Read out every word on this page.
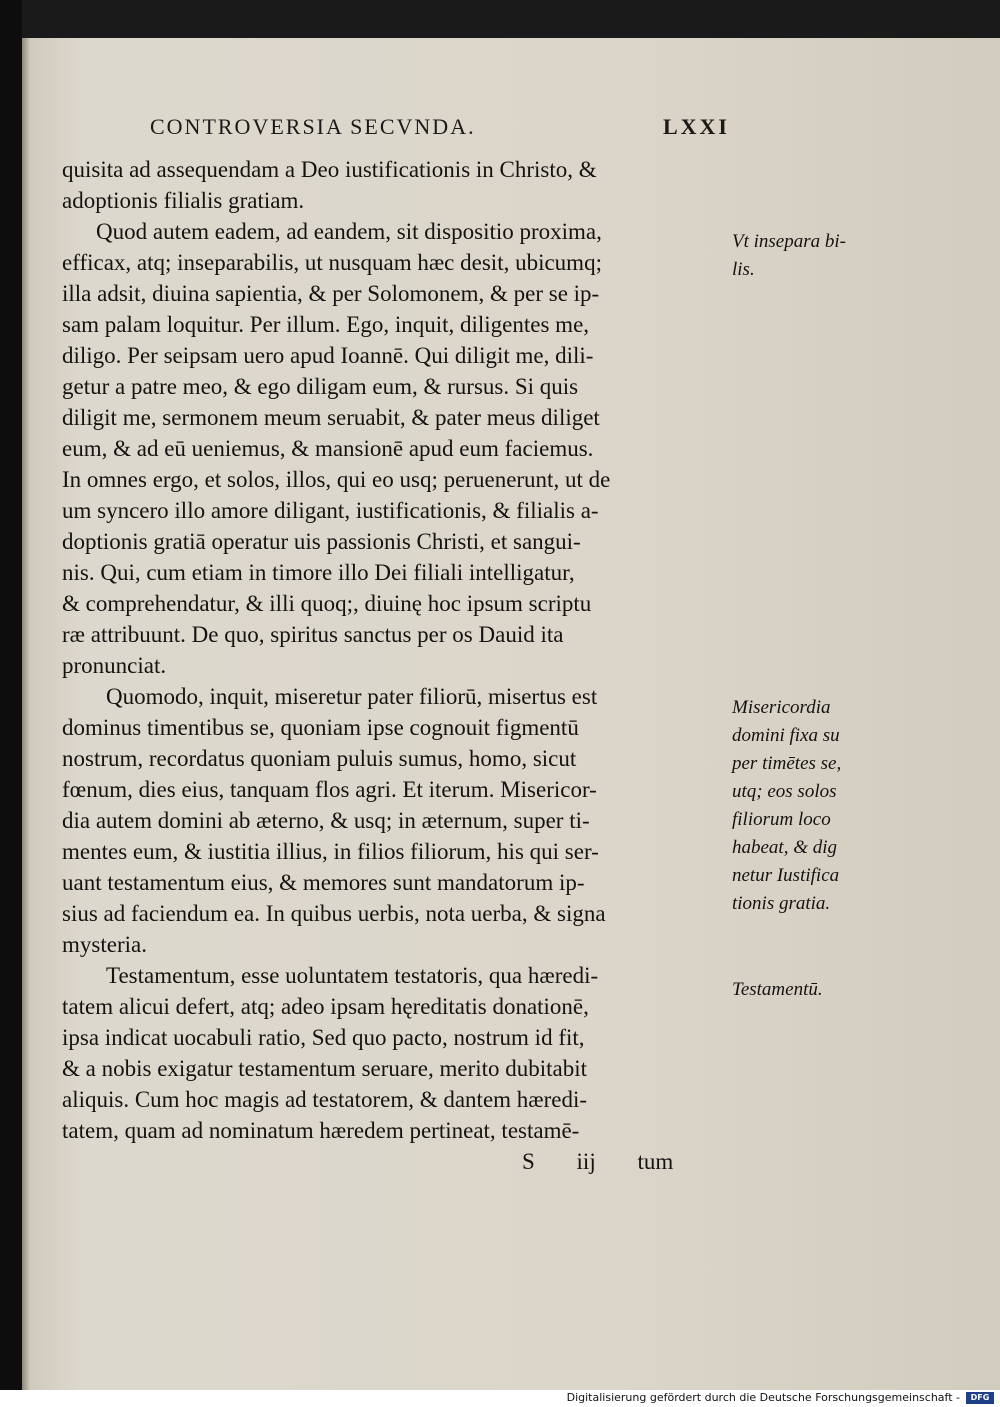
CONTROVERSIA SECVNDA.	LXXI
quisita ad assequendam a Deo iustificationis in Christo, &
adoptionis filialis gratiam.
Quod autem eadem, ad eandem, sit dispositio proxima,
efficax, atq; inseparabilis, ut nusquam hæc desit, ubicumq;
illa adsit, diuina sapientia, & per Solomonem, & per se ip-
sam palam loquitur. Per illum. Ego, inquit, diligentes me,
diligo. Per seipsam uero apud Ioannē. Qui diligit me, dili-
getur a patre meo, & ego diligam eum, & rursus. Si quis
diligit me, sermonem meum seruabit, & pater meus diliget
eum, & ad eū ueniemus, & mansionē apud eum faciemus.
In omnes ergo, et solos, illos, qui eo usq; peruenerunt, ut de
um syncero illo amore diligant, iustificationis, & filialis a-
doptionis gratiā operatur uis passionis Christi, et sangui-
nis. Qui, cum etiam in timore illo Dei filiali intelligatur,
& comprehendatur, & illi quoq;, diuinę hoc ipsum scriptu
ræ attribuunt. De quo, spiritus sanctus per os Dauid ita
pronunciat.
Quomodo, inquit, miseretur pater filiorū, misertus est
dominus timentibus se, quoniam ipse cognouit figmentū
nostrum, recordatus quoniam puluis sumus, homo, sicut
fœnum, dies eius, tanquam flos agri. Et iterum. Misericor-
dia autem domini ab æterno, & usq; in æternum, super ti-
mentes eum, & iustitia illius, in filios filiorum, his qui ser-
uant testamentum eius, & memores sunt mandatorum ip-
sius ad faciendum ea. In quibus uerbis, nota uerba, & signa
mysteria.
Testamentum, esse uoluntatem testatoris, qua hæredi-
tatem alicui defert, atq; adeo ipsam hęreditatis donationē,
ipsa indicat uocabuli ratio, Sed quo pacto, nostrum id fit,
& a nobis exigatur testamentum seruare, merito dubitabit
aliquis. Cum hoc magis ad testatorem, & dantem hæredi-
tatem, quam ad nominatum hæredem pertineat, testamē-
S iij tum
Vt insepara bi-
lis.
Misericordia
domini fixa su
per timētes se,
utq; eos solos
filiorum loco
habeat, & dig
netur Iustifica
tionis gratia.
Testamentū.
Digitalisierung gefördert durch die Deutsche Forschungsgemeinschaft -	DFG
